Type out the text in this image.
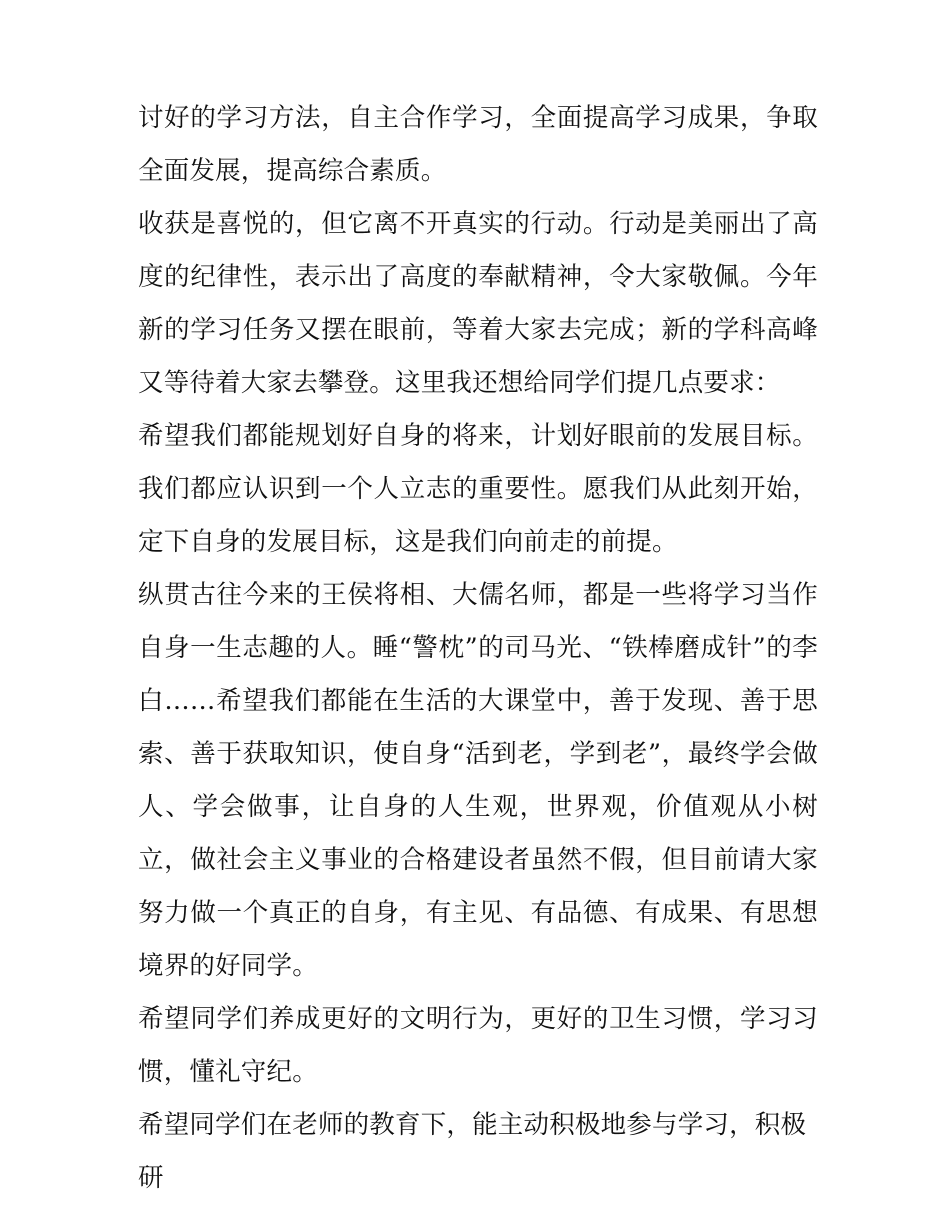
讨好的学习方法，自主合作学习，全面提高学习成果，争取全面发展，提高综合素质。

收获是喜悦的，但它离不开真实的行动。行动是美丽出了高度的纪律性，表示出了高度的奉献精神，令大家敬佩。今年新的学习任务又摆在眼前，等着大家去完成；新的学科高峰又等待着大家去攀登。这里我还想给同学们提几点要求：

希望我们都能规划好自身的将来，计划好眼前的发展目标。我们都应认识到一个人立志的重要性。愿我们从此刻开始，定下自身的发展目标，这是我们向前走的前提。

纵贯古往今来的王侯将相、大儒名师，都是一些将学习当作自身一生志趣的人。睡“警枕”的司马光、“铁棒磨成针”的李白……希望我们都能在生活的大课堂中，善于发现、善于思索、善于获取知识，使自身“活到老，学到老”，最终学会做人、学会做事，让自身的人生观，世界观，价值观从小树立，做社会主义事业的合格建设者虽然不假，但目前请大家努力做一个真正的自身，有主见、有品德、有成果、有思想境界的好同学。

希望同学们养成更好的文明行为，更好的卫生习惯，学习习惯，懂礼守纪。

希望同学们在老师的教育下，能主动积极地参与学习，积极研
